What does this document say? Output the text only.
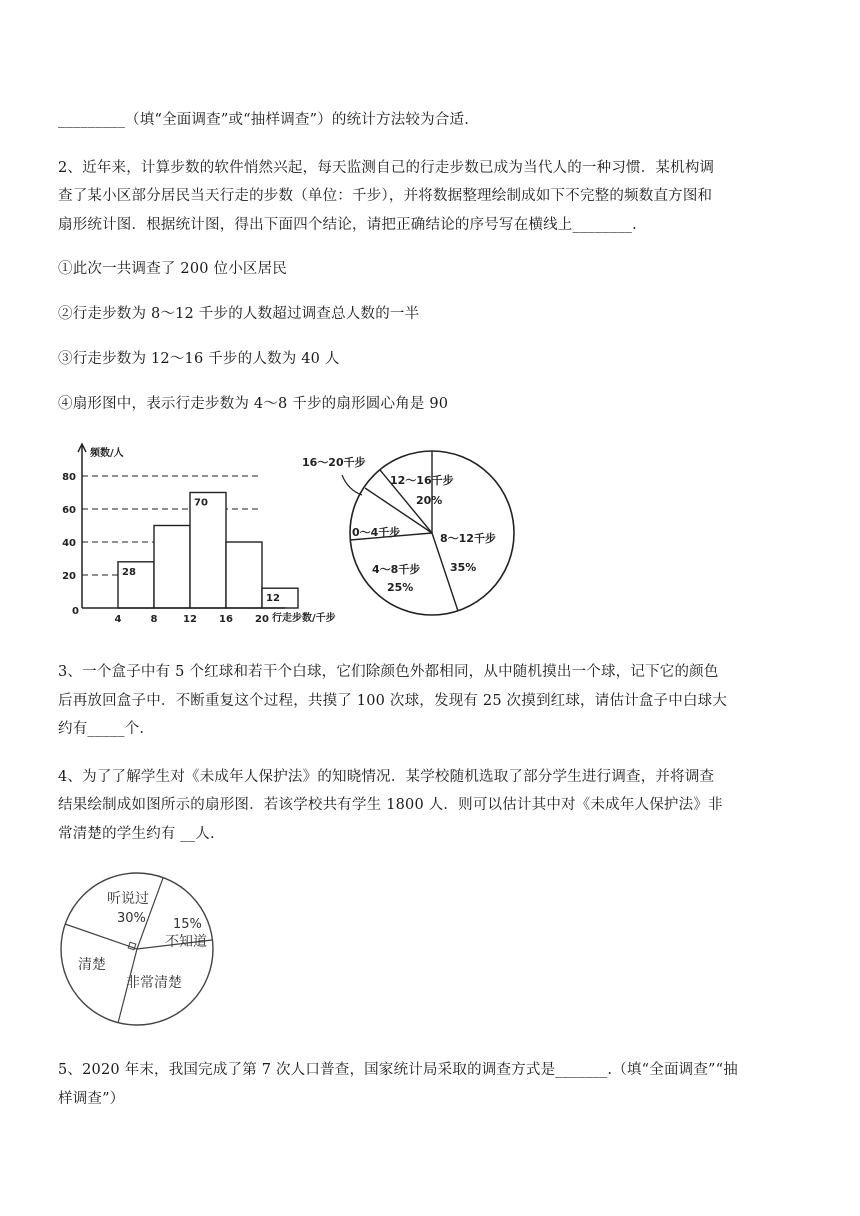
_________（填“全面调查”或“抽样调查”）的统计方法较为合适.
2、近年来，计算步数的软件悄然兴起，每天监测自己的行走步数已成为当代人的一种习惯．某机构调
查了某小区部分居民当天行走的步数（单位：千步），并将数据整理绘制成如下不完整的频数直方图和
扇形统计图．根据统计图，得出下面四个结论，请把正确结论的序号写在横线上________.
①此次一共调查了 200 位小区居民
②行走步数为 8～12 千步的人数超过调查总人数的一半
③行走步数为 12～16 千步的人数为 40 人
④扇形图中，表示行走步数为 4～8 千步的扇形圆心角是 90
20
40
60
80
28
70
12
频数/人
0
4	8	12 16 20 行走步数/千步
16～20千步
12～16千步
20%
8～12千步
35%
0～4千步
4～8千步
25%
3、一个盒子中有 5 个红球和若干个白球，它们除颜色外都相同，从中随机摸出一个球，记下它的颜色
后再放回盒子中．不断重复这个过程，共摸了 100 次球，发现有 25 次摸到红球，请估计盒子中白球大
约有_____个.
4、为了了解学生对《未成年人保护法》的知晓情况．某学校随机选取了部分学生进行调查，并将调查
结果绘制成如图所示的扇形图．若该学校共有学生 1800 人．则可以估计其中对《未成年人保护法》非
常清楚的学生约有 __人.
听说过
30% 15%
不知道
清楚
非常清楚
5、2020 年末，我国完成了第 7 次人口普查，国家统计局采取的调查方式是_______.（填“全面调查”“抽
样调查”）
